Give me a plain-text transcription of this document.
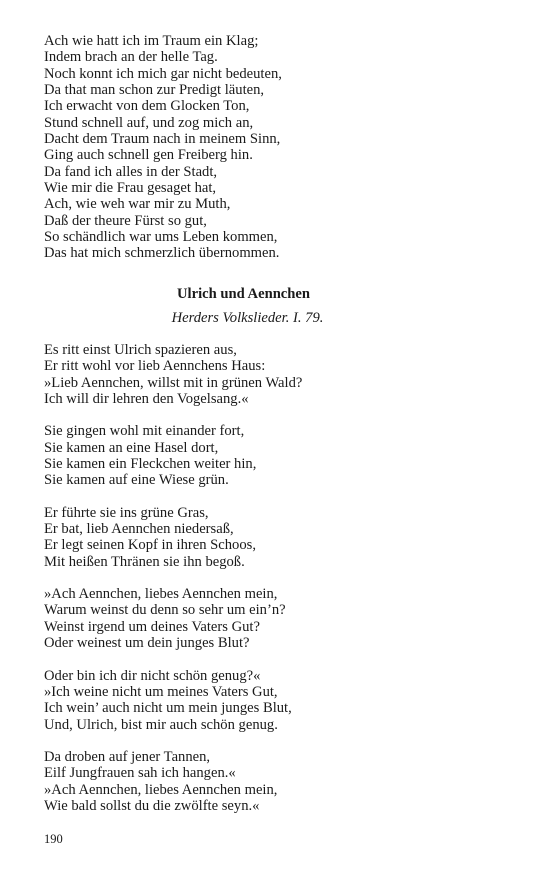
Ach wie hatt ich im Traum ein Klag;
Indem brach an der helle Tag.
Noch konnt ich mich gar nicht bedeuten,
Da that man schon zur Predigt läuten,
Ich erwacht von dem Glocken Ton,
Stund schnell auf, und zog mich an,
Dacht dem Traum nach in meinem Sinn,
Ging auch schnell gen Freiberg hin.
Da fand ich alles in der Stadt,
Wie mir die Frau gesaget hat,
Ach, wie weh war mir zu Muth,
Daß der theure Fürst so gut,
So schändlich war ums Leben kommen,
Das hat mich schmerzlich übernommen.
Ulrich und Aennchen
Herders Volkslieder. I. 79.
Es ritt einst Ulrich spazieren aus,
Er ritt wohl vor lieb Aennchens Haus:
»Lieb Aennchen, willst mit in grünen Wald?
Ich will dir lehren den Vogelsang.«
Sie gingen wohl mit einander fort,
Sie kamen an eine Hasel dort,
Sie kamen ein Fleckchen weiter hin,
Sie kamen auf eine Wiese grün.
Er führte sie ins grüne Gras,
Er bat, lieb Aennchen niedersaß,
Er legt seinen Kopf in ihren Schoos,
Mit heißen Thränen sie ihn begoß.
»Ach Aennchen, liebes Aennchen mein,
Warum weinst du denn so sehr um ein’n?
Weinst irgend um deines Vaters Gut?
Oder weinest um dein junges Blut?
Oder bin ich dir nicht schön genug?«
»Ich weine nicht um meines Vaters Gut,
Ich wein’ auch nicht um mein junges Blut,
Und, Ulrich, bist mir auch schön genug.
Da droben auf jener Tannen,
Eilf Jungfrauen sah ich hangen.«
»Ach Aennchen, liebes Aennchen mein,
Wie bald sollst du die zwölfte seyn.«
190
